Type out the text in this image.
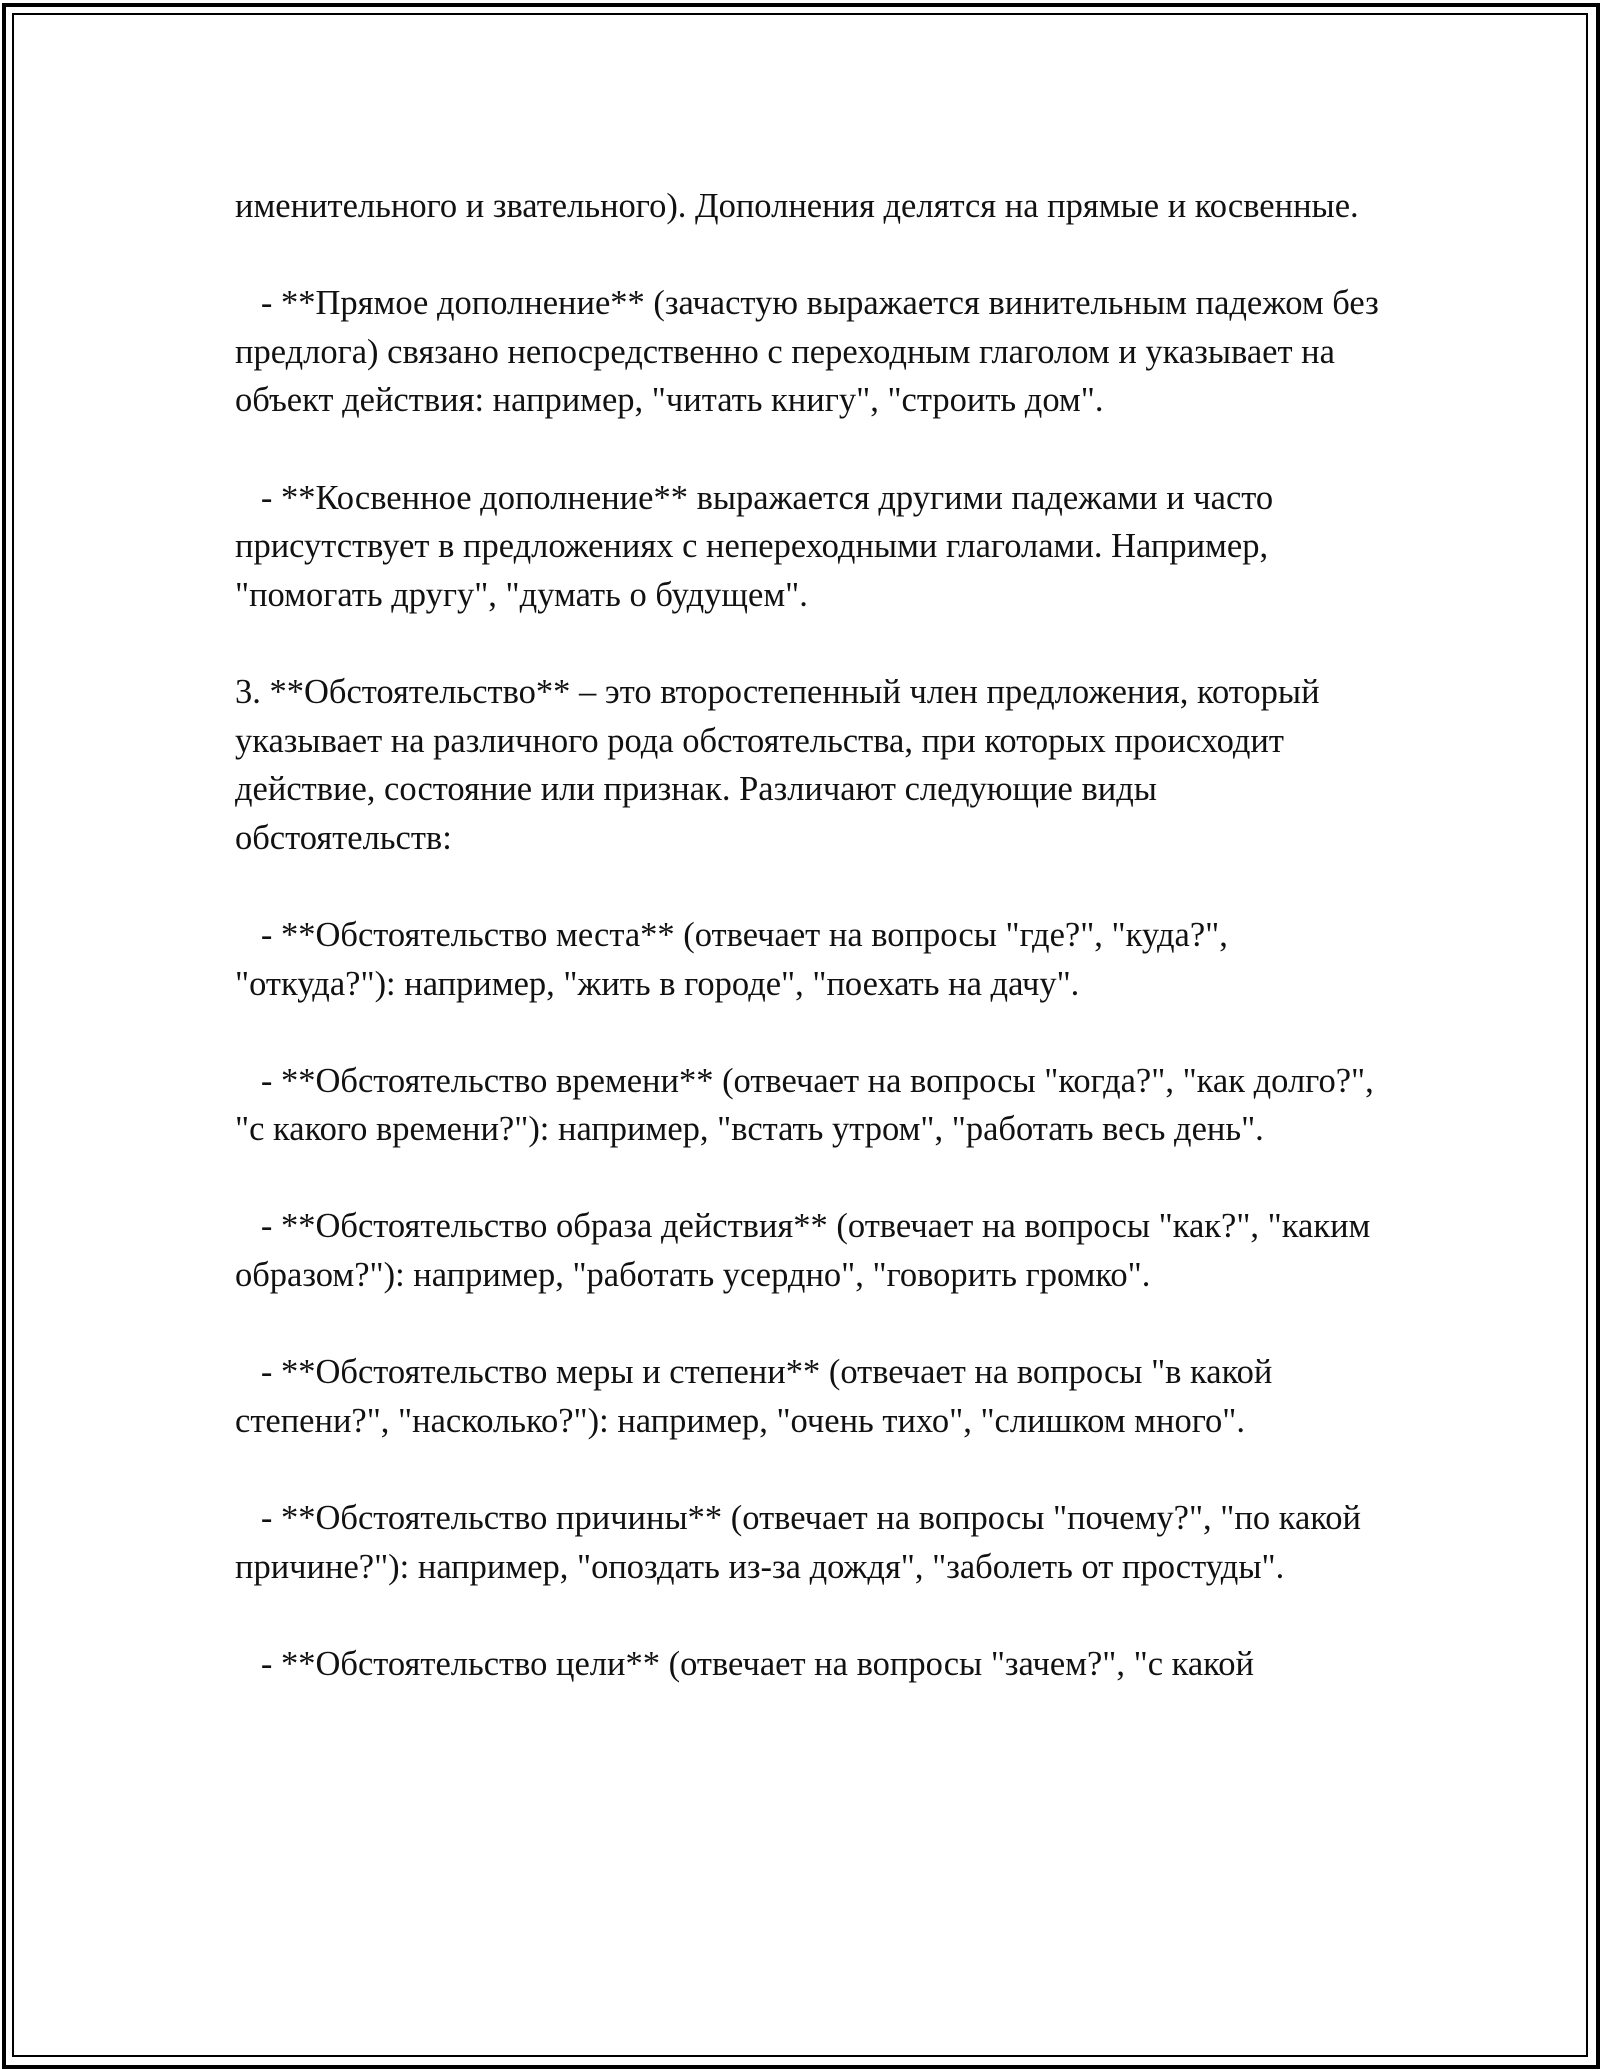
именительного и звательного). Дополнения делятся на прямые и косвенные.

- **Прямое дополнение** (зачастую выражается винительным падежом без предлога) связано непосредственно с переходным глаголом и указывает на объект действия: например, "читать книгу", "строить дом".

- **Косвенное дополнение** выражается другими падежами и часто присутствует в предложениях с непереходными глаголами. Например, "помогать другу", "думать о будущем".

3. **Обстоятельство** – это второстепенный член предложения, который указывает на различного рода обстоятельства, при которых происходит действие, состояние или признак. Различают следующие виды обстоятельств:

- **Обстоятельство места** (отвечает на вопросы "где?", "куда?", "откуда?"): например, "жить в городе", "поехать на дачу".

- **Обстоятельство времени** (отвечает на вопросы "когда?", "как долго?", "с какого времени?"): например, "встать утром", "работать весь день".

- **Обстоятельство образа действия** (отвечает на вопросы "как?", "каким образом?"): например, "работать усердно", "говорить громко".

- **Обстоятельство меры и степени** (отвечает на вопросы "в какой степени?", "насколько?"): например, "очень тихо", "слишком много".

- **Обстоятельство причины** (отвечает на вопросы "почему?", "по какой причине?"): например, "опоздать из-за дождя", "заболеть от простуды".

- **Обстоятельство цели** (отвечает на вопросы "зачем?", "с какой
